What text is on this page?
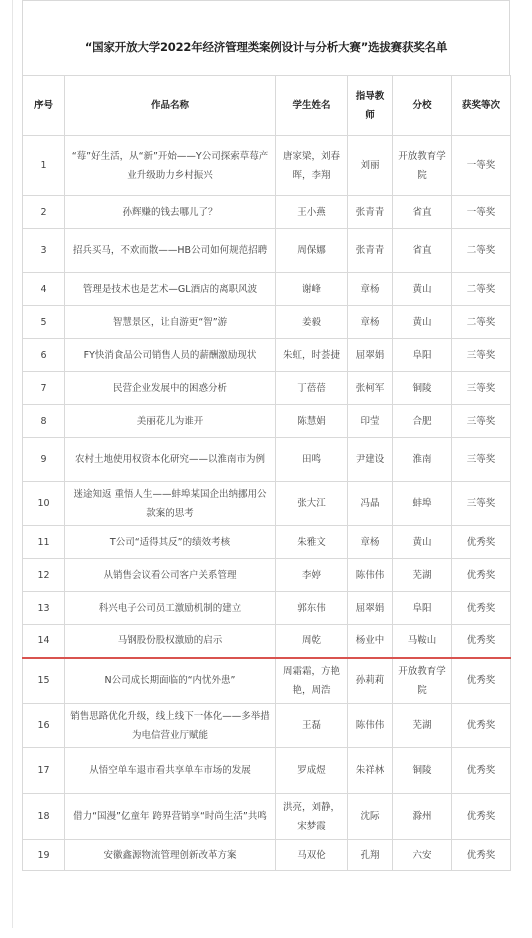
“国家开放大学2022年经济管理类案例设计与分析大赛”选拔赛获奖名单
序号	作品名称	学生姓名	指导教师	分校	获奖等次
1	“莓”好生活，从“新”开始——Y公司探索草莓产业升级助力乡村振兴	唐家梁，刘春晖，李翔	刘丽	开放教育学院	一等奖
2	孙辉赚的钱去哪儿了？	王小燕	张青青	省直	一等奖
3	招兵买马，不欢而散——HB公司如何规范招聘	周保娜	张青青	省直	二等奖
4	管理是技术也是艺术—GL酒店的离职风波	谢峰	章杨	黄山	二等奖
5	智慧景区，让自游更“智”游	姜毅	章杨	黄山	二等奖
6	FY快消食品公司销售人员的薪酬激励现状	朱虹，时荟捷	屈翠娟	阜阳	三等奖
7	民营企业发展中的困惑分析	丁蓓蓓	张柯军	铜陵	三等奖
8	美丽花儿为谁开	陈慧娟	印莹	合肥	三等奖
9	农村土地使用权资本化研究——以淮南市为例	田鸣	尹建设	淮南	三等奖
10	迷途知返 重悟人生——蚌埠某国企出纳挪用公款案的思考	张大江	冯晶	蚌埠	三等奖
11	T公司“适得其反”的绩效考核	朱雅文	章杨	黄山	优秀奖
12	从销售会议看公司客户关系管理	李婷	陈伟伟	芜湖	优秀奖
13	科兴电子公司员工激励机制的建立	郭东伟	屈翠娟	阜阳	优秀奖
14	马钢股份股权激励的启示	周乾	杨业中	马鞍山	优秀奖
15	N公司成长期面临的“内忧外患”	周霜霜，方艳艳，周浩	孙莉莉	开放教育学院	优秀奖
16	销售思路优化升级，线上线下一体化——多举措为电信营业厅赋能	王磊	陈伟伟	芜湖	优秀奖
17	从悟空单车退市看共享单车市场的发展	罗成煜	朱祥林	铜陵	优秀奖
18	借力“国漫”亿童年 跨界营销享“时尚生活”共鸣	洪亮，刘静，宋梦霞	沈际	滁州	优秀奖
19	安徽鑫源物流管理创新改革方案	马双伦	孔翔	六安	优秀奖
